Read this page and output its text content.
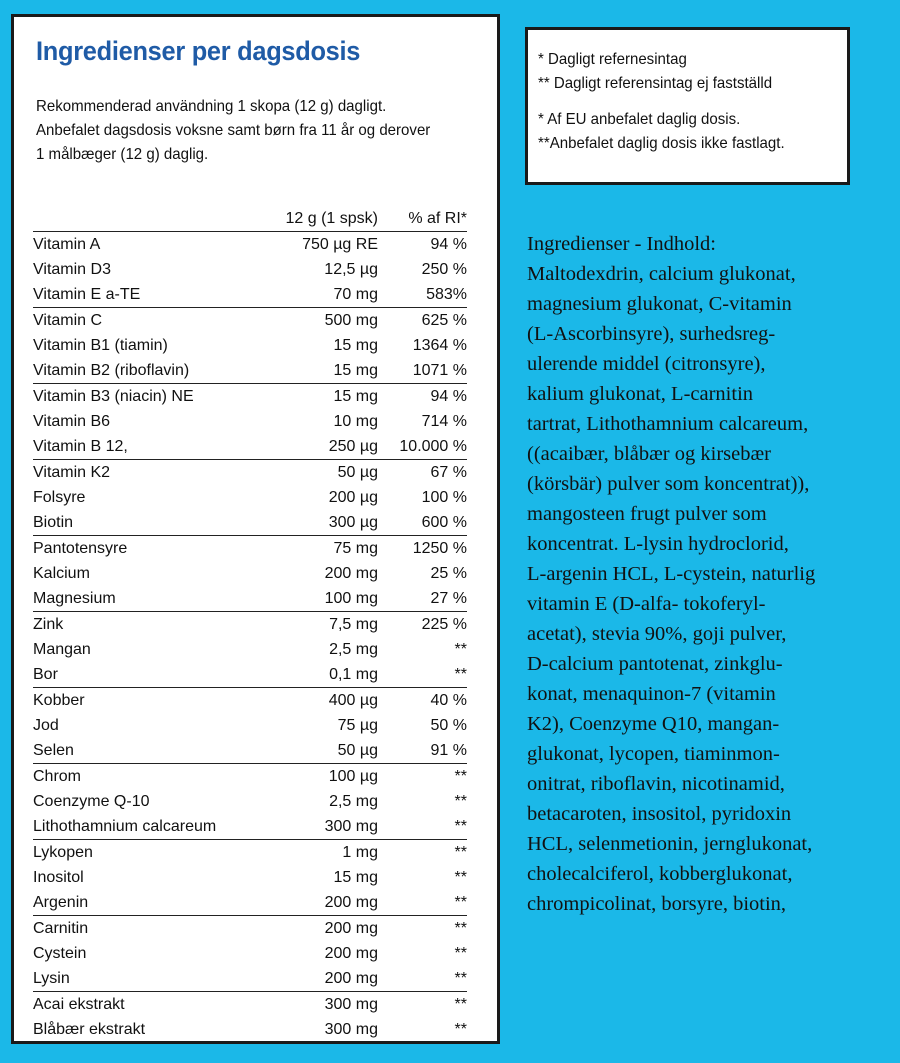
Ingredienser per dagsdosis
Rekommenderad användning 1 skopa (12 g) dagligt.
Anbefalet dagsdosis voksne samt børn fra 11 år og derover
1 målbæger (12 g) daglig.
	12 g (1 spsk)	% af RI*
Vitamin A	750 µg RE	94 %
Vitamin D3	12,5 µg	250 %
Vitamin E a-TE	70 mg	583%
Vitamin C	500 mg	625 %
Vitamin B1 (tiamin)	15 mg	1364 %
Vitamin B2 (riboflavin)	15 mg	1071 %
Vitamin B3 (niacin) NE	15 mg	94 %
Vitamin B6	10 mg	714 %
Vitamin B 12,	250 µg	10.000 %
Vitamin K2	50 µg	67 %
Folsyre	200 µg	100 %
Biotin	300 µg	600 %
Pantotensyre	75 mg	1250 %
Kalcium	200 mg	25 %
Magnesium	100 mg	27 %
Zink	7,5 mg	225 %
Mangan	2,5 mg	**
Bor	0,1 mg	**
Kobber	400 µg	40 %
Jod	75 µg	50 %
Selen	50 µg	91 %
Chrom	100 µg	**
Coenzyme Q-10	2,5 mg	**
Lithothamnium calcareum	300 mg	**
Lykopen	1 mg	**
Inositol	15 mg	**
Argenin	200 mg	**
Carnitin	200 mg	**
Cystein	200 mg	**
Lysin	200 mg	**
Acai ekstrakt	300 mg	**
Blåbær ekstrakt	300 mg	**
* Dagligt refernesintag
** Dagligt referensintag ej fastställd
* Af EU anbefalet daglig dosis.
**Anbefalet daglig dosis ikke fastlagt.
Ingredienser - Indhold:
Maltodexdrin, calcium glukonat,
magnesium glukonat, C-vitamin
(L-Ascorbinsyre), surhedsreg-
ulerende middel (citronsyre),
kalium glukonat, L-carnitin
tartrat, Lithothamnium calcareum,
((acaibær, blåbær og kirsebær
(körsbär) pulver som koncentrat)),
mangosteen frugt pulver som
koncentrat. L-lysin hydroclorid,
L-argenin HCL, L-cystein, naturlig
vitamin E (D-alfa- tokoferyl-
acetat), stevia 90%, goji pulver,
D-calcium pantotenat, zinkglu-
konat, menaquinon-7 (vitamin
K2), Coenzyme Q10, mangan-
glukonat, lycopen, tiaminmon-
onitrat, riboflavin, nicotinamid,
betacaroten, insositol, pyridoxin
HCL, selenmetionin, jernglukonat,
cholecalciferol, kobberglukonat,
chrompicolinat, borsyre, biotin,
